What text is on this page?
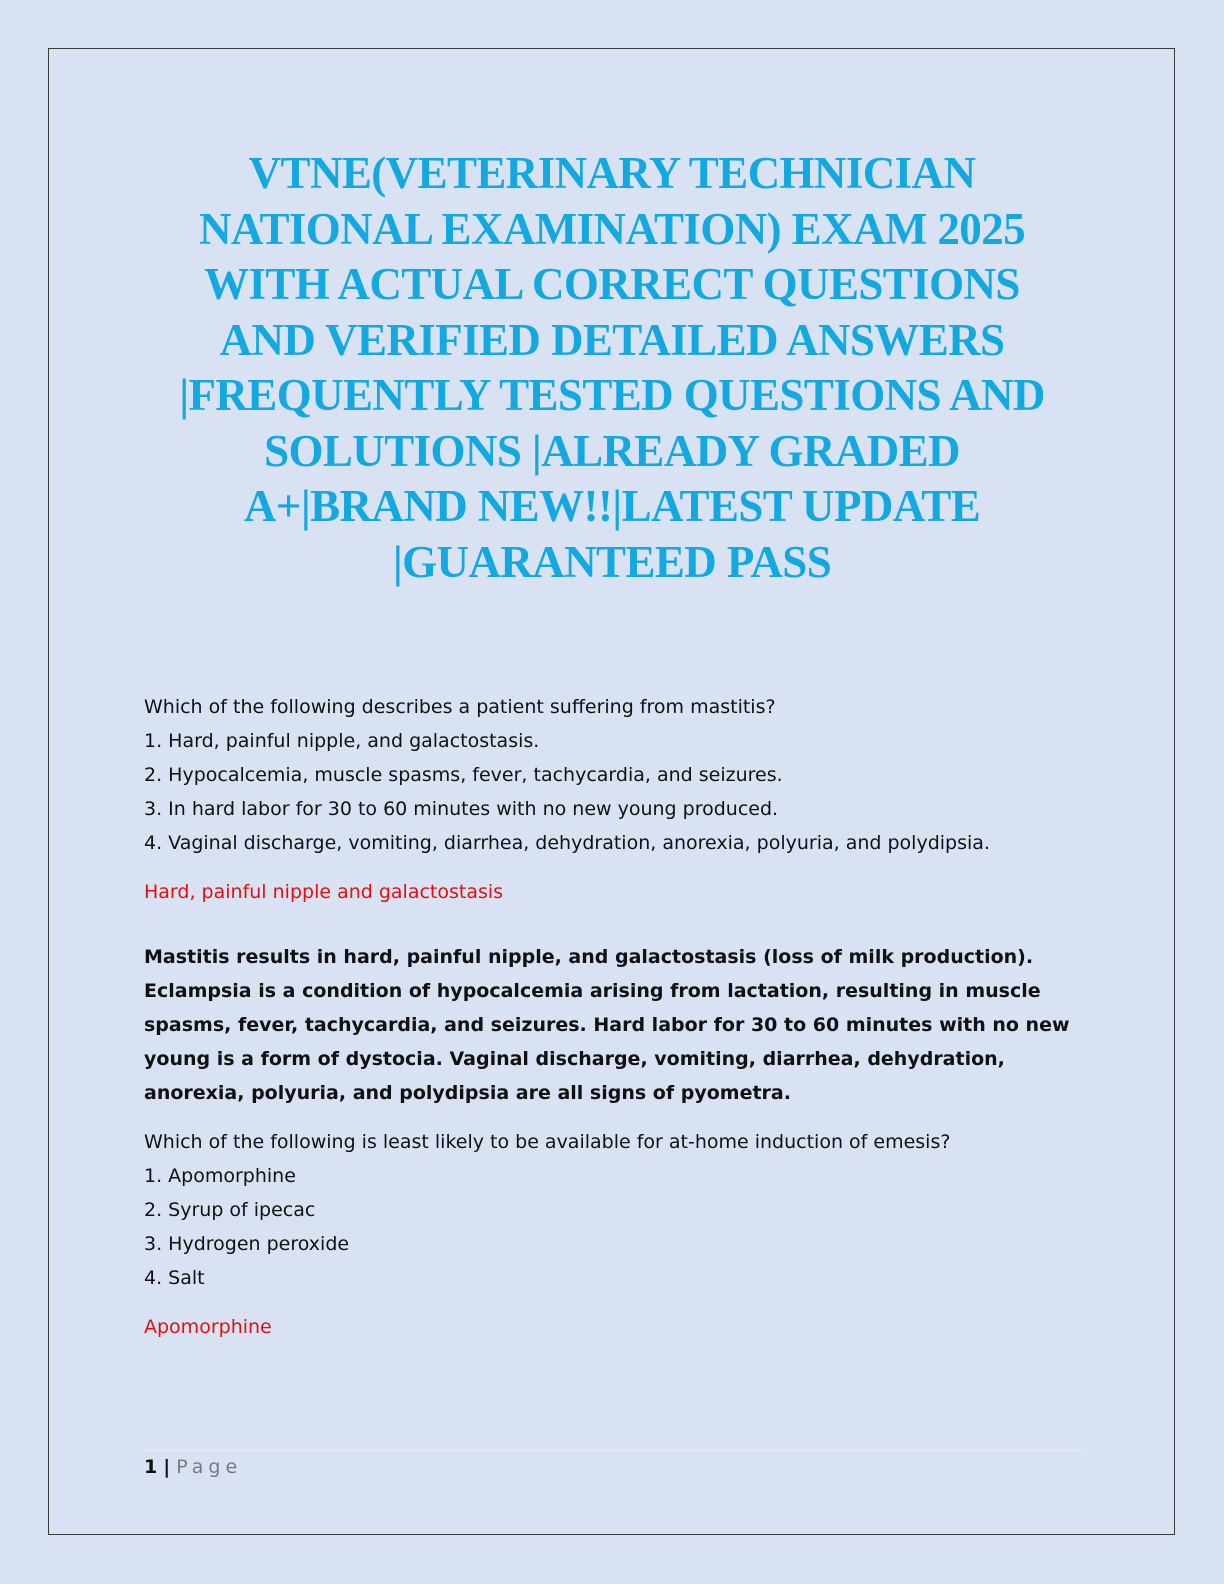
VTNE(VETERINARY TECHNICIAN
NATIONAL EXAMINATION) EXAM 2025
WITH ACTUAL CORRECT QUESTIONS
AND VERIFIED DETAILED ANSWERS
|FREQUENTLY TESTED QUESTIONS AND
SOLUTIONS |ALREADY GRADED
A+|BRAND NEW!!|LATEST UPDATE
|GUARANTEED PASS
Which of the following describes a patient suffering from mastitis?
1. Hard, painful nipple, and galactostasis.
2. Hypocalcemia, muscle spasms, fever, tachycardia, and seizures.
3. In hard labor for 30 to 60 minutes with no new young produced.
4. Vaginal discharge, vomiting, diarrhea, dehydration, anorexia, polyuria, and polydipsia.
Hard, painful nipple and galactostasis

Mastitis results in hard, painful nipple, and galactostasis (loss of milk production). Eclampsia is a condition of hypocalcemia arising from lactation, resulting in muscle spasms, fever, tachycardia, and seizures. Hard labor for 30 to 60 minutes with no new young is a form of dystocia. Vaginal discharge, vomiting, diarrhea, dehydration, anorexia, polyuria, and polydipsia are all signs of pyometra.

Which of the following is least likely to be available for at-home induction of emesis?
1. Apomorphine
2. Syrup of ipecac
3. Hydrogen peroxide
4. Salt
Apomorphine
1 | Page
